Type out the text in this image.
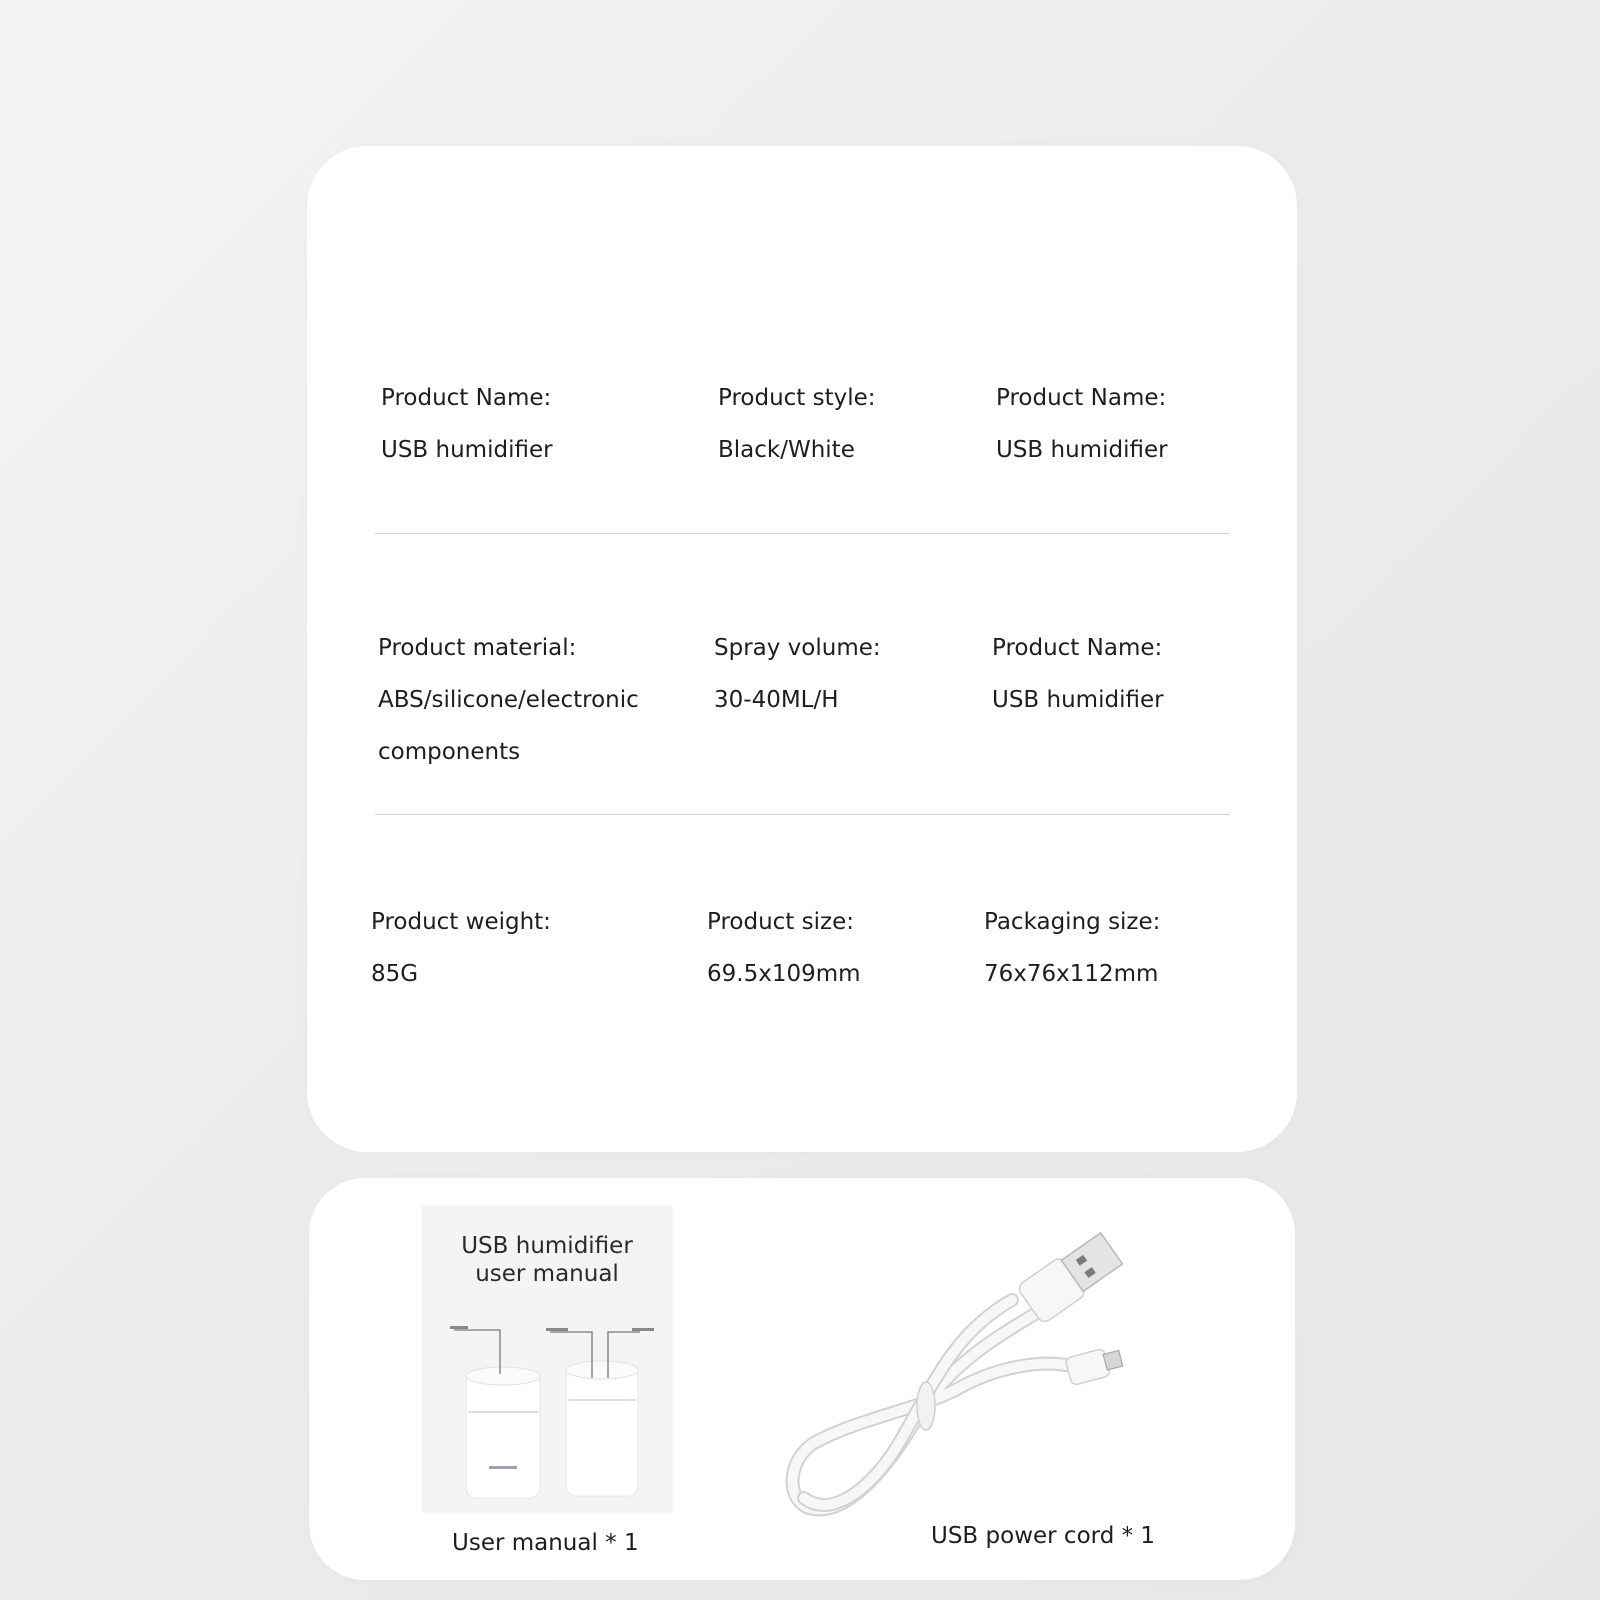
Product Name:
USB humidifier
Product style:
Black/White
Product Name:
USB humidifier
Product material:
ABS/silicone/electronic components
Spray volume:
30-40ML/H
Product Name:
USB humidifier
Product weight:
85G
Product size:
69.5x109mm
Packaging size:
76x76x112mm
USB humidifier
user manual
User manual * 1	USB power cord * 1
